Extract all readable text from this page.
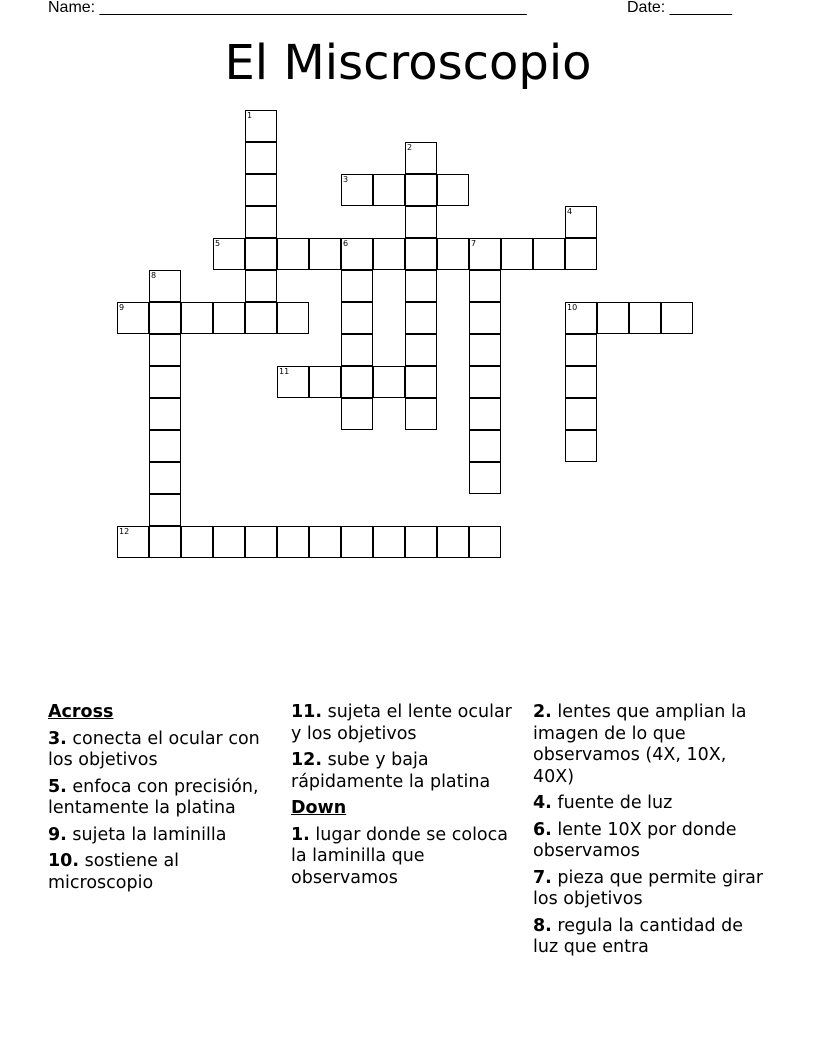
Name: ________________________________________________	Date: _______
El Miscroscopio
1
2
3
4
5	6	7
8
9	10
11
12
Across
3. conecta el ocular con los objetivos
5. enfoca con precisión, lentamente la platina
9. sujeta la laminilla
10. sostiene al microscopio
11. sujeta el lente ocular y los objetivos
12. sube y baja rápidamente la platina
Down
1. lugar donde se coloca la laminilla que observamos
2. lentes que amplian la imagen de lo que observamos (4X, 10X, 40X)
4. fuente de luz
6. lente 10X por donde observamos
7. pieza que permite girar los objetivos
8. regula la cantidad de luz que entra
